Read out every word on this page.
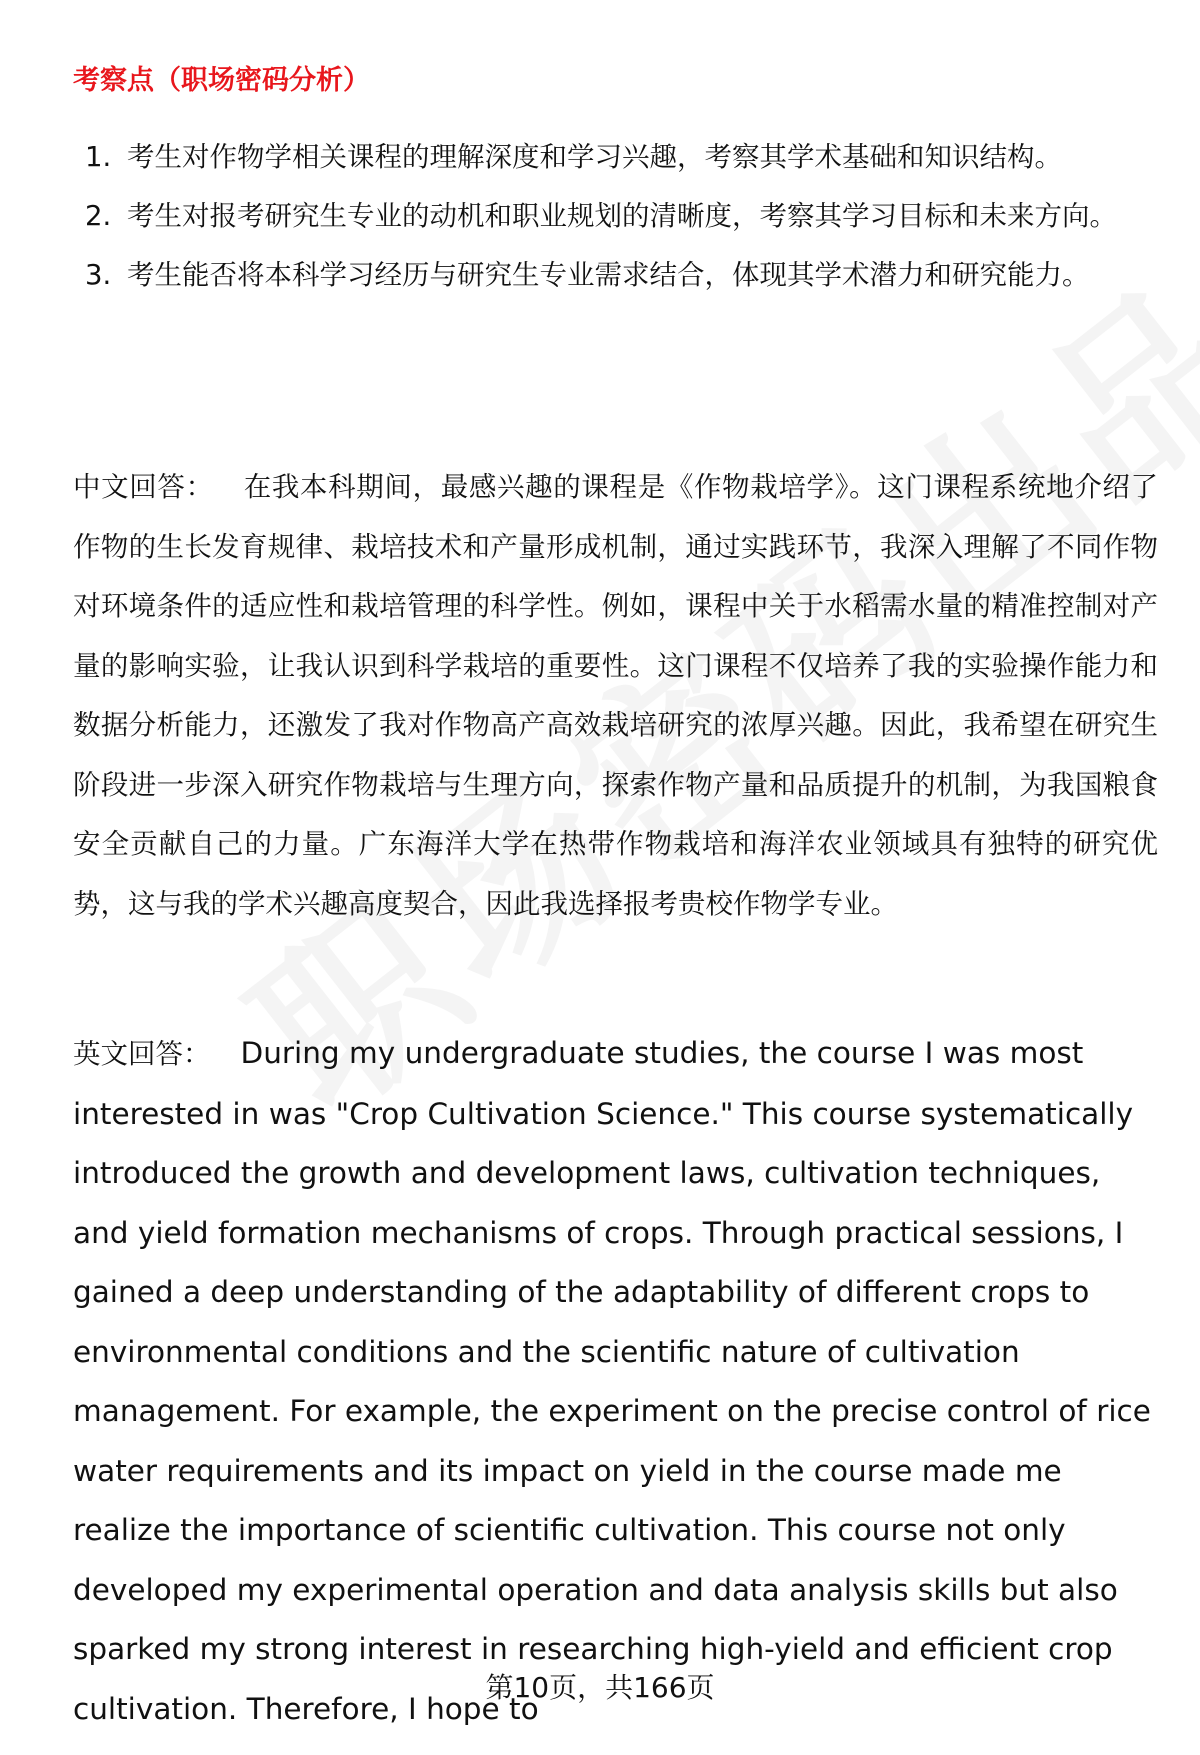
考察点（职场密码分析）
1. 考生对作物学相关课程的理解深度和学习兴趣，考察其学术基础和知识结构。
2. 考生对报考研究生专业的动机和职业规划的清晰度，考察其学习目标和未来方向。
3. 考生能否将本科学习经历与研究生专业需求结合，体现其学术潜力和研究能力。
中文回答： 在我本科期间，最感兴趣的课程是《作物栽培学》。这门课程系统地介绍了作物的生长发育规律、栽培技术和产量形成机制，通过实践环节，我深入理解了不同作物对环境条件的适应性和栽培管理的科学性。例如，课程中关于水稻需水量的精准控制对产量的影响实验，让我认识到科学栽培的重要性。这门课程不仅培养了我的实验操作能力和数据分析能力，还激发了我对作物高产高效栽培研究的浓厚兴趣。因此，我希望在研究生阶段进一步深入研究作物栽培与生理方向，探索作物产量和品质提升的机制，为我国粮食安全贡献自己的力量。广东海洋大学在热带作物栽培和海洋农业领域具有独特的研究优势，这与我的学术兴趣高度契合，因此我选择报考贵校作物学专业。
英文回答： During my undergraduate studies, the course I was most interested in was "Crop Cultivation Science." This course systematically introduced the growth and development laws, cultivation techniques, and yield formation mechanisms of crops. Through practical sessions, I gained a deep understanding of the adaptability of different crops to environmental conditions and the scientific nature of cultivation management. For example, the experiment on the precise control of rice water requirements and its impact on yield in the course made me realize the importance of scientific cultivation. This course not only developed my experimental operation and data analysis skills but also sparked my strong interest in researching high-yield and efficient crop cultivation. Therefore, I hope to
第10页，共166页
